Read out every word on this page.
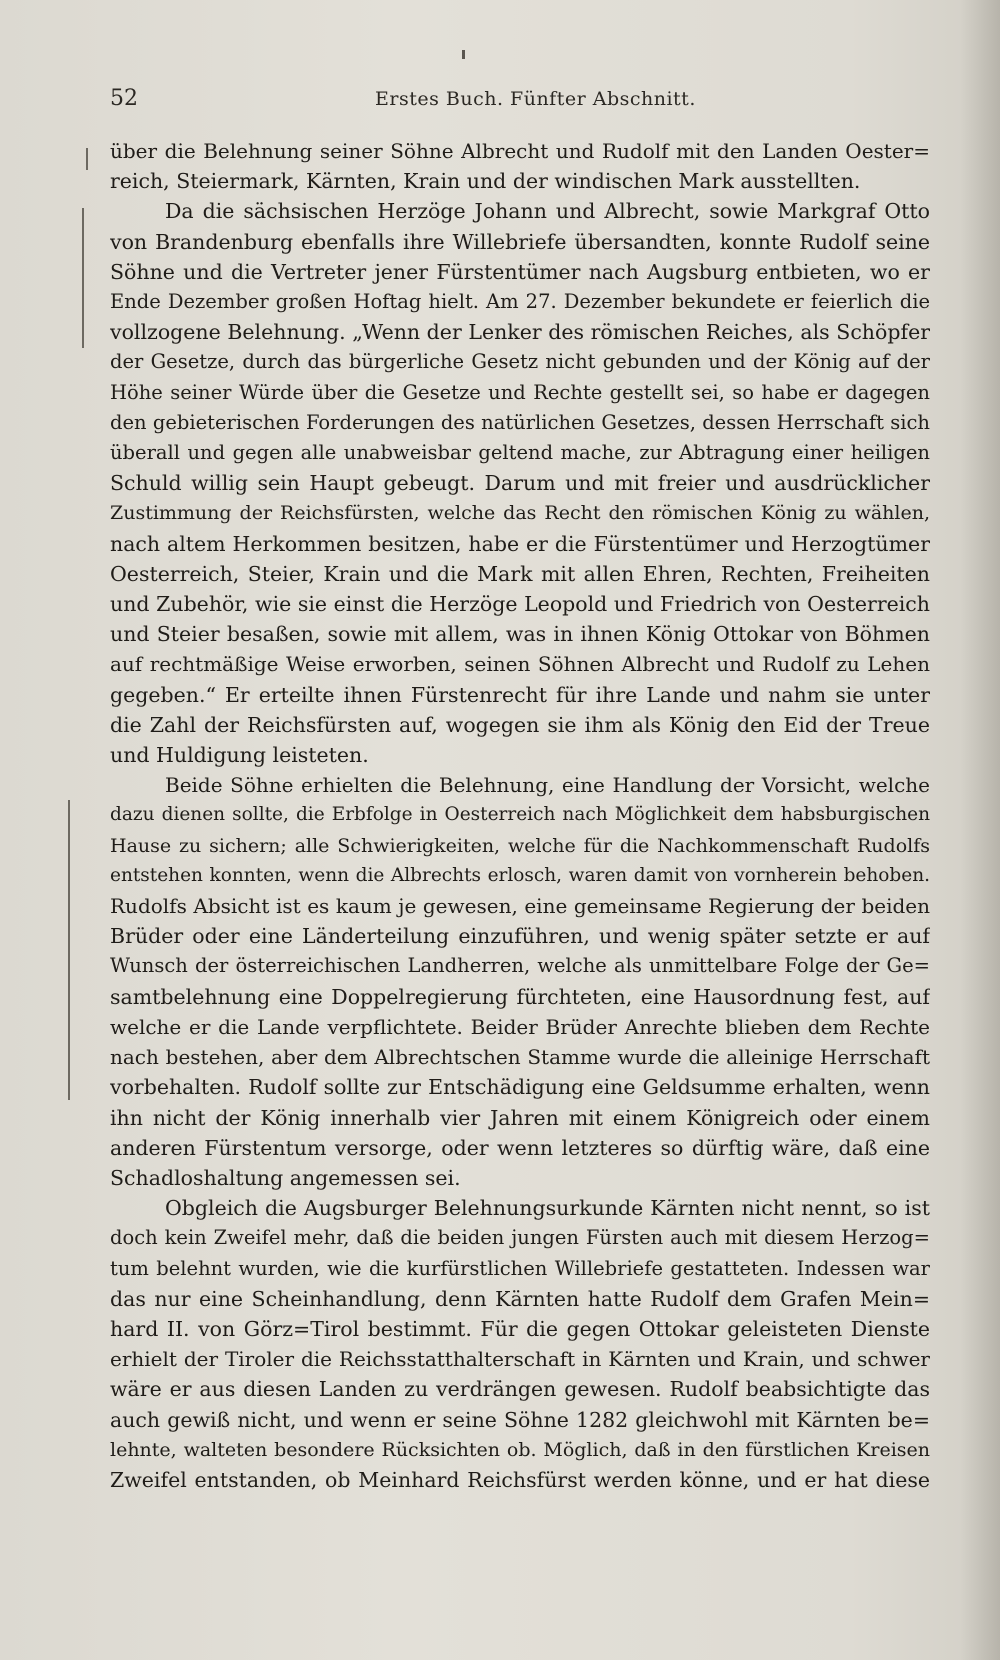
52	Erstes Buch. Fünfter Abschnitt.
über die Belehnung seiner Söhne Albrecht und Rudolf mit den Landen Oester=
reich, Steiermark, Kärnten, Krain und der windischen Mark ausstellten.
Da die sächsischen Herzöge Johann und Albrecht, sowie Markgraf Otto
von Brandenburg ebenfalls ihre Willebriefe übersandten, konnte Rudolf seine
Söhne und die Vertreter jener Fürstentümer nach Augsburg entbieten, wo er
Ende Dezember großen Hoftag hielt. Am 27. Dezember bekundete er feierlich die
vollzogene Belehnung. „Wenn der Lenker des römischen Reiches, als Schöpfer
der Gesetze, durch das bürgerliche Gesetz nicht gebunden und der König auf der
Höhe seiner Würde über die Gesetze und Rechte gestellt sei, so habe er dagegen
den gebieterischen Forderungen des natürlichen Gesetzes, dessen Herrschaft sich
überall und gegen alle unabweisbar geltend mache, zur Abtragung einer heiligen
Schuld willig sein Haupt gebeugt. Darum und mit freier und ausdrücklicher
Zustimmung der Reichsfürsten, welche das Recht den römischen König zu wählen,
nach altem Herkommen besitzen, habe er die Fürstentümer und Herzogtümer
Oesterreich, Steier, Krain und die Mark mit allen Ehren, Rechten, Freiheiten
und Zubehör, wie sie einst die Herzöge Leopold und Friedrich von Oesterreich
und Steier besaßen, sowie mit allem, was in ihnen König Ottokar von Böhmen
auf rechtmäßige Weise erworben, seinen Söhnen Albrecht und Rudolf zu Lehen
gegeben.“ Er erteilte ihnen Fürstenrecht für ihre Lande und nahm sie unter
die Zahl der Reichsfürsten auf, wogegen sie ihm als König den Eid der Treue
und Huldigung leisteten.
Beide Söhne erhielten die Belehnung, eine Handlung der Vorsicht, welche
dazu dienen sollte, die Erbfolge in Oesterreich nach Möglichkeit dem habsburgischen
Hause zu sichern; alle Schwierigkeiten, welche für die Nachkommenschaft Rudolfs
entstehen konnten, wenn die Albrechts erlosch, waren damit von vornherein behoben.
Rudolfs Absicht ist es kaum je gewesen, eine gemeinsame Regierung der beiden
Brüder oder eine Länderteilung einzuführen, und wenig später setzte er auf
Wunsch der österreichischen Landherren, welche als unmittelbare Folge der Ge=
samtbelehnung eine Doppelregierung fürchteten, eine Hausordnung fest, auf
welche er die Lande verpflichtete. Beider Brüder Anrechte blieben dem Rechte
nach bestehen, aber dem Albrechtschen Stamme wurde die alleinige Herrschaft
vorbehalten. Rudolf sollte zur Entschädigung eine Geldsumme erhalten, wenn
ihn nicht der König innerhalb vier Jahren mit einem Königreich oder einem
anderen Fürstentum versorge, oder wenn letzteres so dürftig wäre, daß eine
Schadloshaltung angemessen sei.
Obgleich die Augsburger Belehnungsurkunde Kärnten nicht nennt, so ist
doch kein Zweifel mehr, daß die beiden jungen Fürsten auch mit diesem Herzog=
tum belehnt wurden, wie die kurfürstlichen Willebriefe gestatteten. Indessen war
das nur eine Scheinhandlung, denn Kärnten hatte Rudolf dem Grafen Mein=
hard II. von Görz=Tirol bestimmt. Für die gegen Ottokar geleisteten Dienste
erhielt der Tiroler die Reichsstatthalterschaft in Kärnten und Krain, und schwer
wäre er aus diesen Landen zu verdrängen gewesen. Rudolf beabsichtigte das
auch gewiß nicht, und wenn er seine Söhne 1282 gleichwohl mit Kärnten be=
lehnte, walteten besondere Rücksichten ob. Möglich, daß in den fürstlichen Kreisen
Zweifel entstanden, ob Meinhard Reichsfürst werden könne, und er hat diese
